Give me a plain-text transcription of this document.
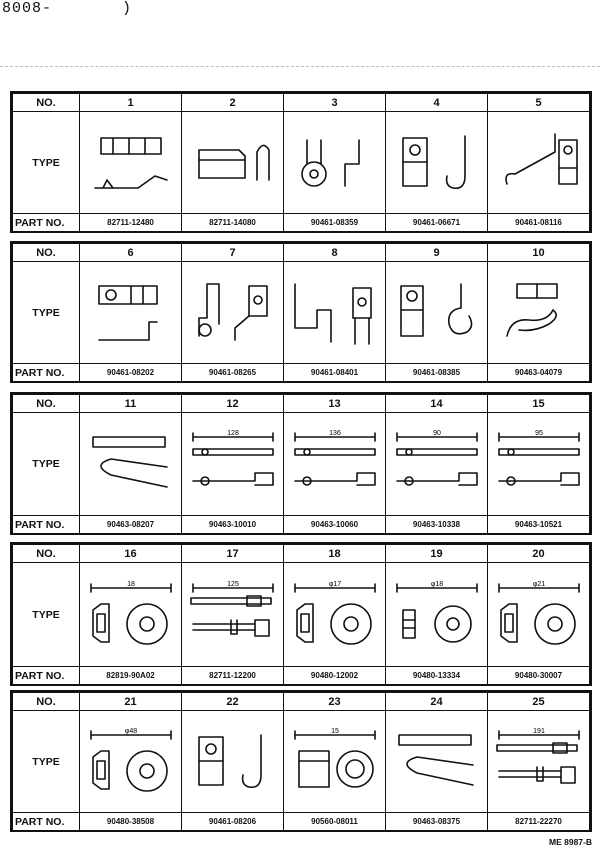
8008-	)
NO.	1	2	3	4	5
TYPE	

PART NO.	82711-12480	82711-14080	90461-08359	90461-06671	90461-08116
NO.	6	7	8	9	10
TYPE	

PART NO.	90461-08202	90461-08265	90461-08401	90461-08385	90463-04079
NO.	11	12	13	14	15
TYPE		128	136	90	95

PART NO.	90463-08207	90463-10010	90463-10060	90463-10338	90463-10521
NO.	16	17	18	19	20
TYPE	18	125	φ17	φ18	φ21

PART NO.	82819-90A02	82711-12200	90480-12002	90480-13334	90480-30007
NO.	21	22	23	24	25
TYPE	φ48		15		191

PART NO.	90480-38508	90461-08206	90560-08011	90463-08375	82711-22270
ME 8987-B
